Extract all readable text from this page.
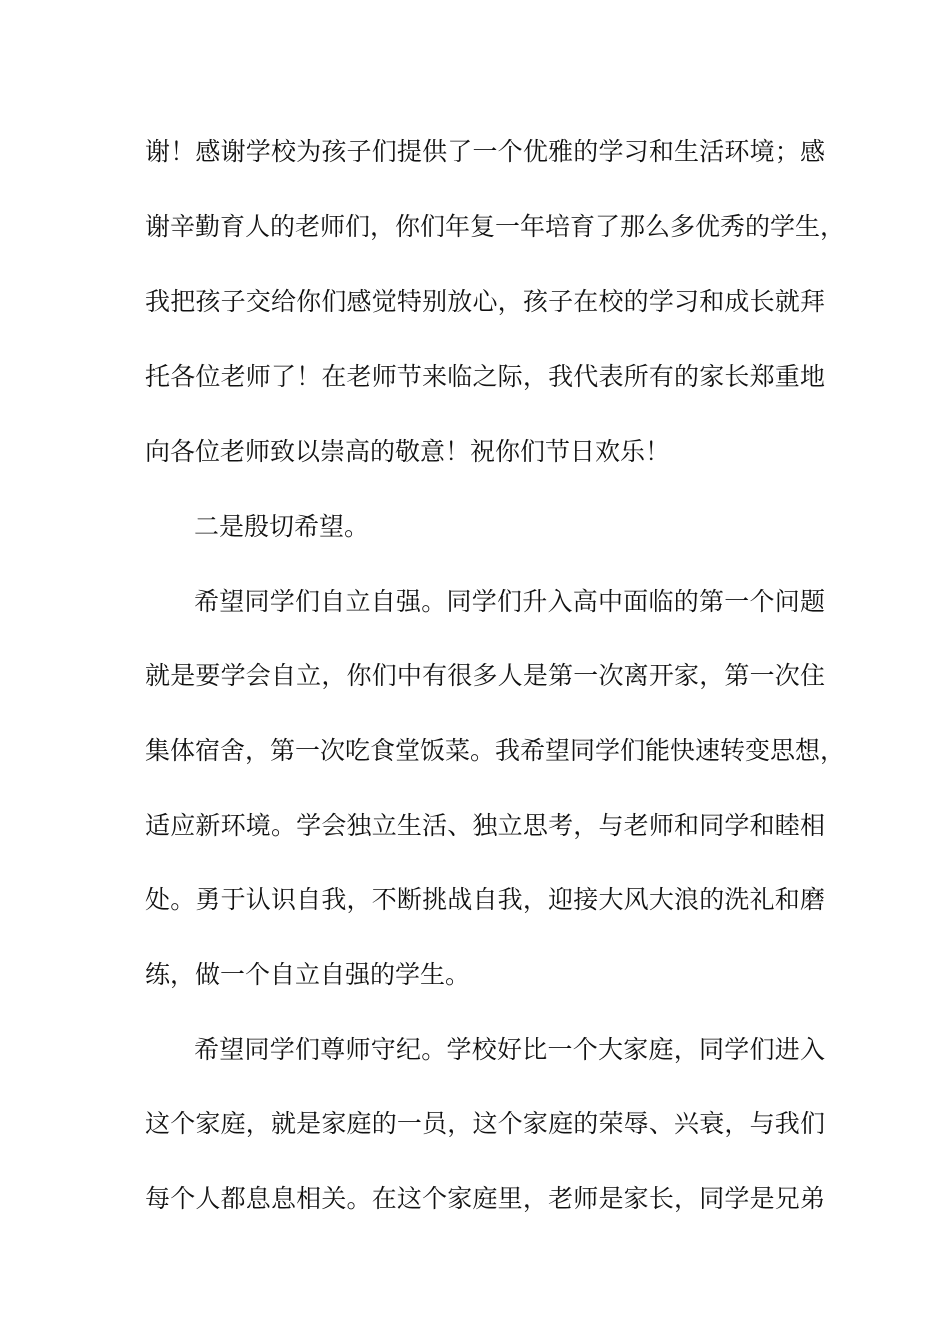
谢！感谢学校为孩子们提供了一个优雅的学习和生活环境；感

谢辛勤育人的老师们，你们年复一年培育了那么多优秀的学生，

我把孩子交给你们感觉特别放心，孩子在校的学习和成长就拜

托各位老师了！在老师节来临之际，我代表所有的家长郑重地

向各位老师致以崇高的敬意！祝你们节日欢乐！

二是殷切希望。

希望同学们自立自强。同学们升入高中面临的第一个问题

就是要学会自立，你们中有很多人是第一次离开家，第一次住

集体宿舍，第一次吃食堂饭菜。我希望同学们能快速转变思想，

适应新环境。学会独立生活、独立思考，与老师和同学和睦相

处。勇于认识自我，不断挑战自我，迎接大风大浪的洗礼和磨

练，做一个自立自强的学生。

希望同学们尊师守纪。学校好比一个大家庭，同学们进入

这个家庭，就是家庭的一员，这个家庭的荣辱、兴衰，与我们

每个人都息息相关。在这个家庭里，老师是家长，同学是兄弟
